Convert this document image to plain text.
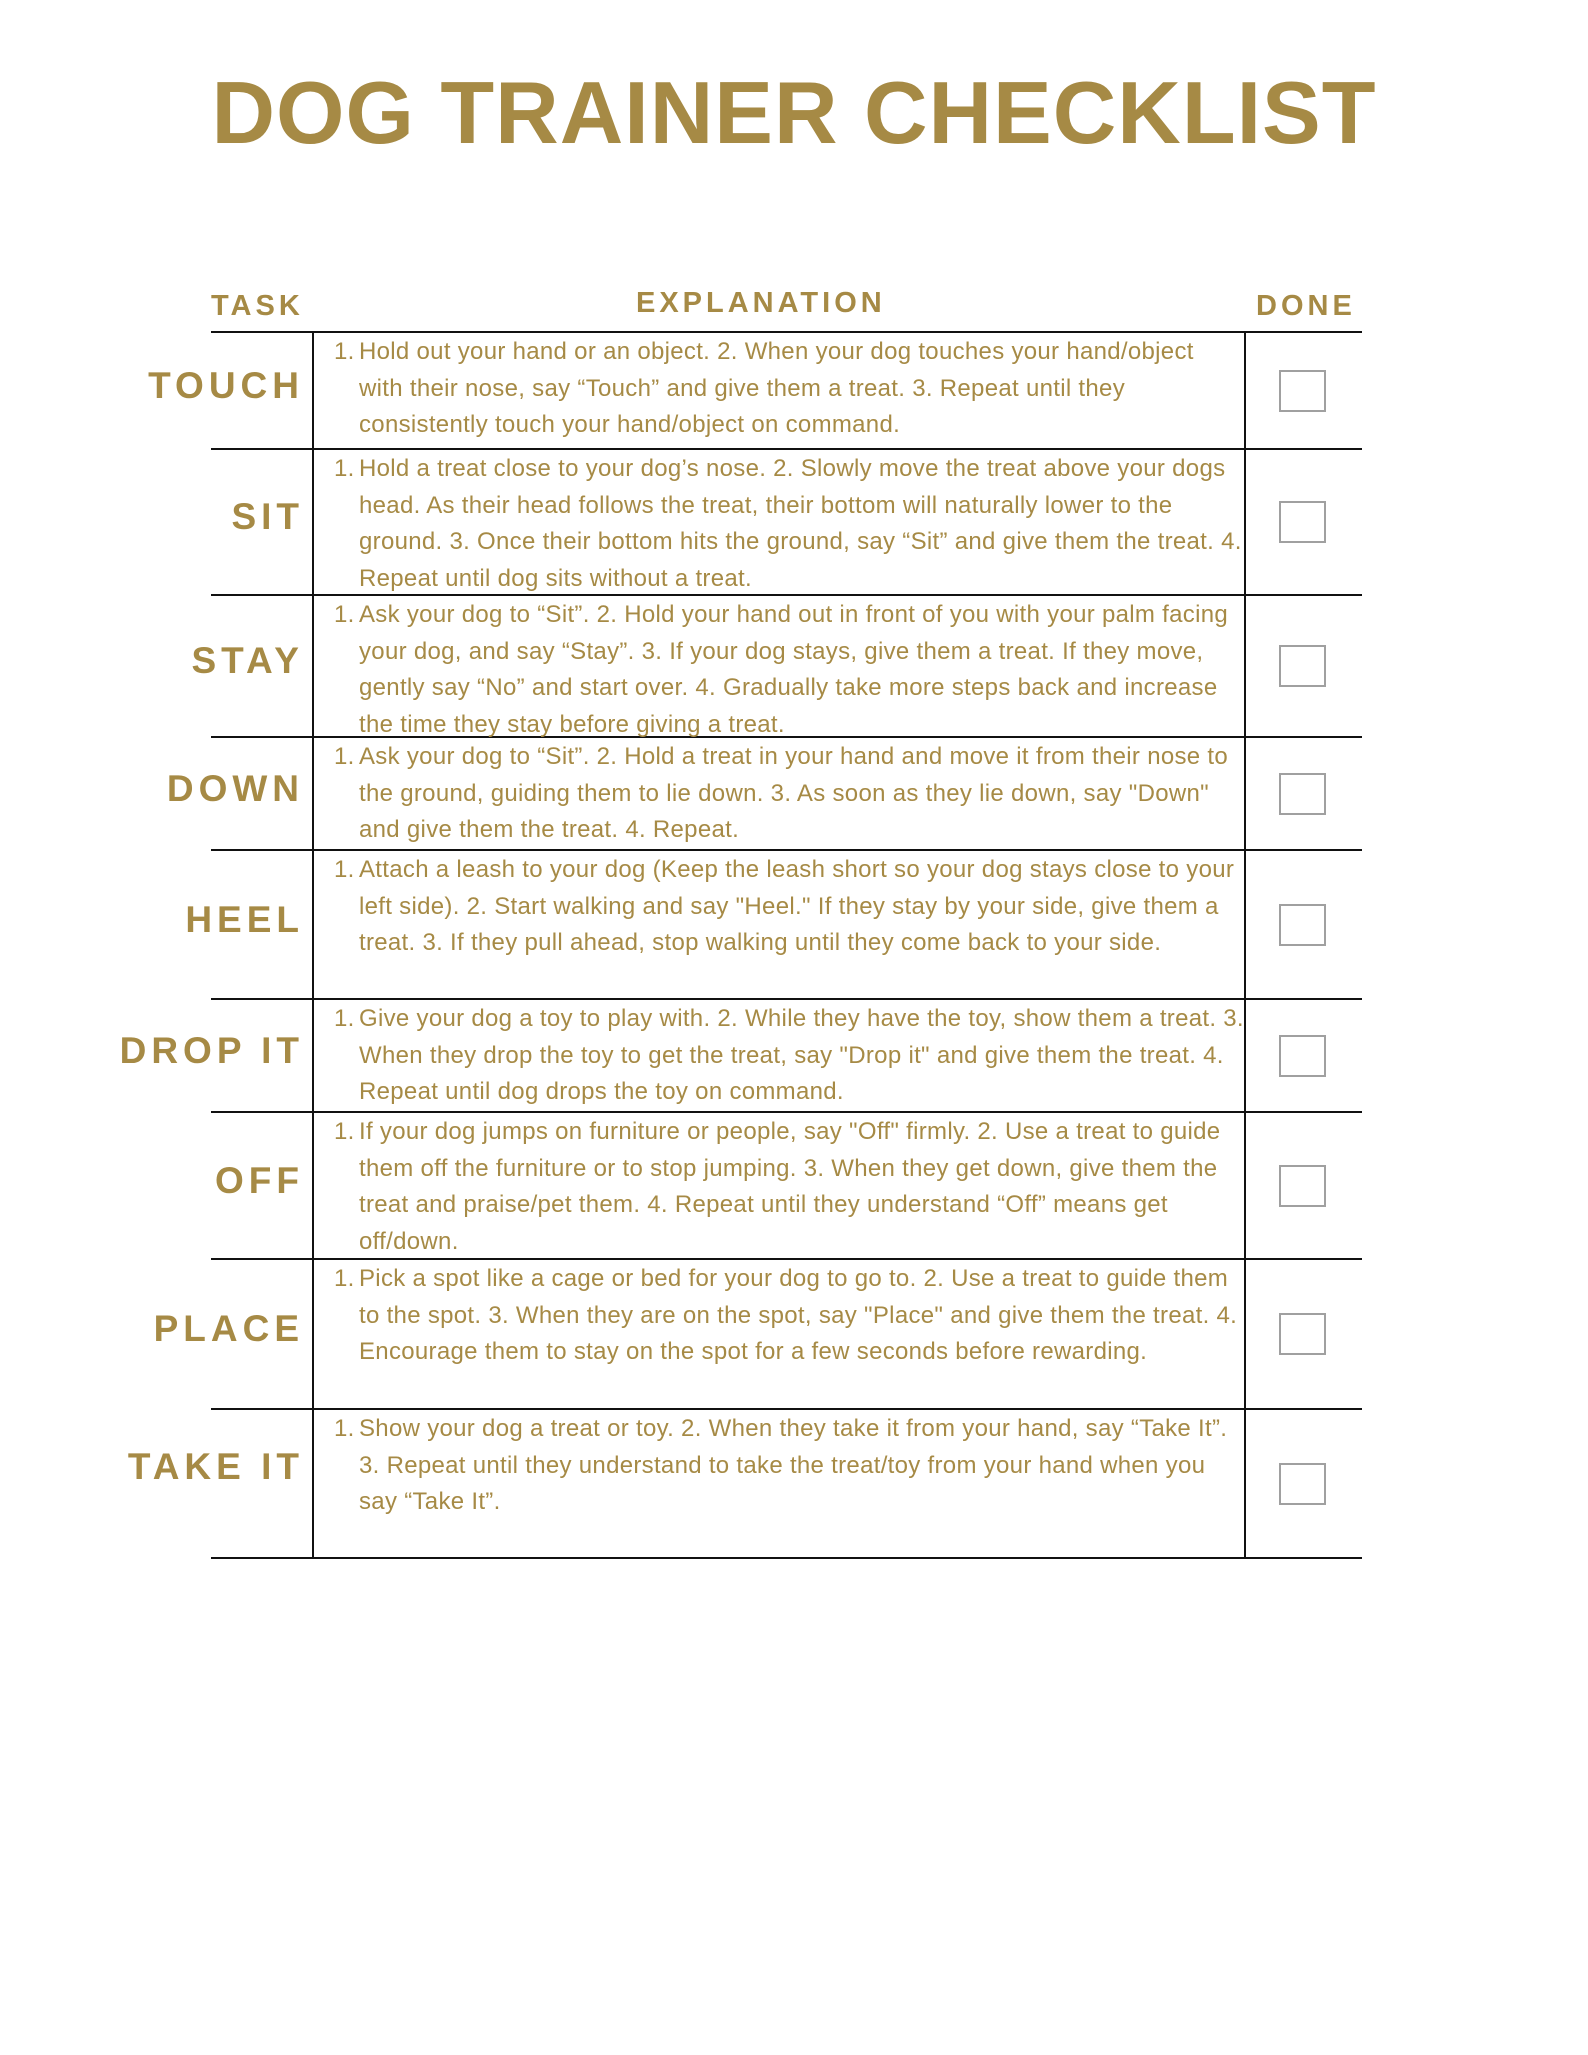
DOG TRAINER CHECKLIST
TASK	EXPLANATION	DONE
TOUCH
1. Hold out your hand or an object. 2. When your dog touches your hand/object with their nose, say “Touch” and give them a treat. 3. Repeat until they consistently touch your hand/object on command.
SIT
1. Hold a treat close to your dog’s nose. 2. Slowly move the treat above your dogs head. As their head follows the treat, their bottom will naturally lower to the ground. 3. Once their bottom hits the ground, say “Sit” and give them the treat. 4. Repeat until dog sits without a treat.
STAY
1. Ask your dog to “Sit”. 2. Hold your hand out in front of you with your palm facing your dog, and say “Stay”. 3. If your dog stays, give them a treat. If they move, gently say “No” and start over. 4. Gradually take more steps back and increase the time they stay before giving a treat.
DOWN
1. Ask your dog to “Sit”. 2. Hold a treat in your hand and move it from their nose to the ground, guiding them to lie down. 3. As soon as they lie down, say "Down" and give them the treat. 4. Repeat.
HEEL
1. Attach a leash to your dog (Keep the leash short so your dog stays close to your left side). 2. Start walking and say "Heel." If they stay by your side, give them a treat. 3. If they pull ahead, stop walking until they come back to your side.
DROP IT
1. Give your dog a toy to play with. 2. While they have the toy, show them a treat. 3. When they drop the toy to get the treat, say "Drop it" and give them the treat. 4. Repeat until dog drops the toy on command.
OFF
1. If your dog jumps on furniture or people, say "Off" firmly. 2. Use a treat to guide them off the furniture or to stop jumping. 3. When they get down, give them the treat and praise/pet them. 4. Repeat until they understand “Off” means get off/down.
PLACE
1. Pick a spot like a cage or bed for your dog to go to. 2. Use a treat to guide them to the spot. 3. When they are on the spot, say "Place" and give them the treat. 4. Encourage them to stay on the spot for a few seconds before rewarding.
TAKE IT
1. Show your dog a treat or toy. 2. When they take it from your hand, say “Take It”. 3. Repeat until they understand to take the treat/toy from your hand when you say “Take It”.
